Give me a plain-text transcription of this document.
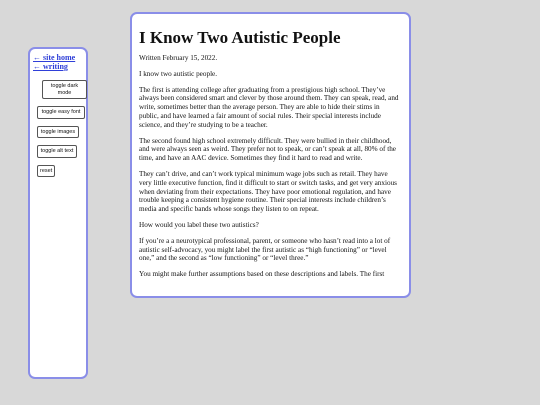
← site home
← writing
toggle dark mode
toggle easy font
toggle images
toggle alt text
reset
I Know Two Autistic People

Written February 15, 2022.

I know two autistic people.

The first is attending college after graduating from a prestigious high school. They’ve always been considered smart and clever by those around them. They can speak, read, and write, sometimes better than the average person. They are able to hide their stims in public, and have learned a fair amount of social rules. Their special interests include science, and they’re studying to be a teacher.

The second found high school extremely difficult. They were bullied in their childhood, and were always seen as weird. They prefer not to speak, or can’t speak at all, 80% of the time, and have an AAC device. Sometimes they find it hard to read and write.

They can’t drive, and can’t work typical minimum wage jobs such as retail. They have very little executive function, find it difficult to start or switch tasks, and get very anxious when deviating from their expectations. They have poor emotional regulation, and have trouble keeping a consistent hygiene routine. Their special interests include children’s media and specific bands whose songs they listen to on repeat.

How would you label these two autistics?

If you’re a a neurotypical professional, parent, or someone who hasn’t read into a lot of autistic self-advocacy, you might label the first autistic as “high functioning” or “level one,” and the second as “low functioning” or “level three.”

You might make further assumptions based on these descriptions and labels. The first
